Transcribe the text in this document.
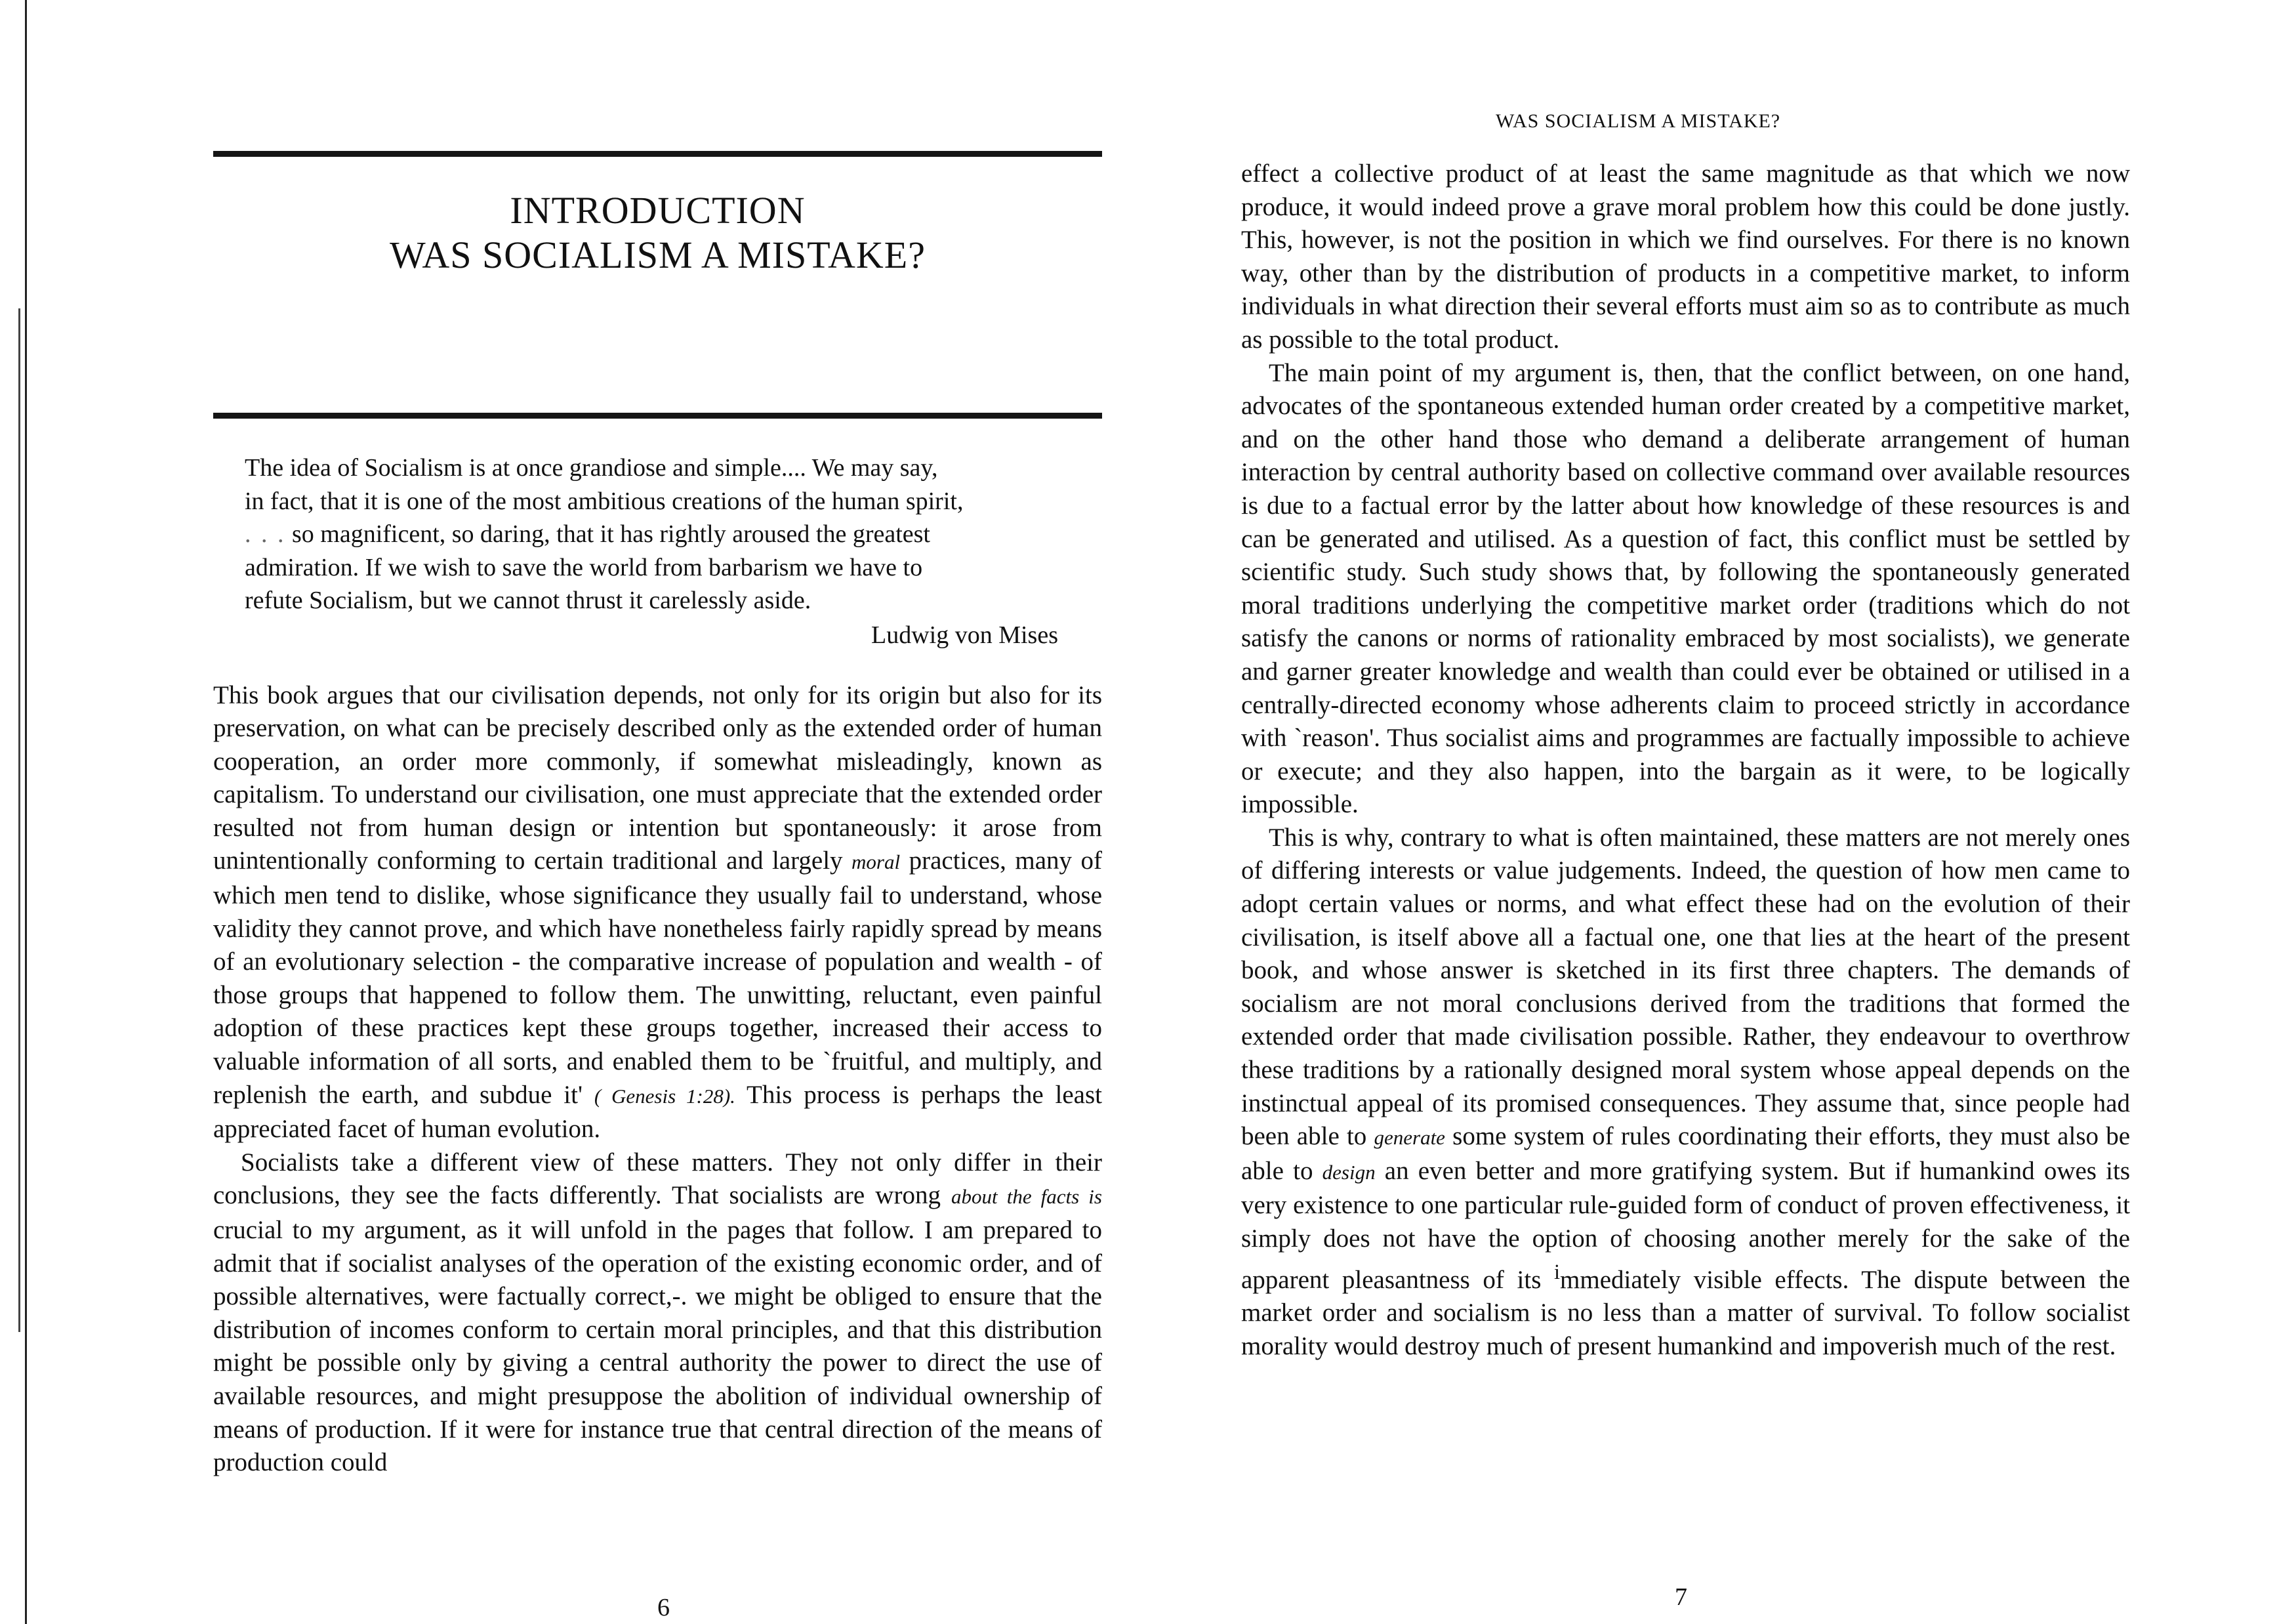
WAS SOCIALISM A MISTAKE?
INTRODUCTION
WAS SOCIALISM A MISTAKE?

The idea of Socialism is at once grandiose and simple.... We may say,

in fact, that it is one of the most ambitious creations of the human spirit,

. . . so magnificent, so daring, that it has rightly aroused the greatest

admiration. If we wish to save the world from barbarism we have to

refute Socialism, but we cannot thrust it carelessly aside.

Ludwig von Mises

This book argues that our civilisation depends, not only for its origin but also for its preservation, on what can be precisely described only as the extended order of human cooperation, an order more commonly, if somewhat misleadingly, known as capitalism. To understand our civilisation, one must appreciate that the extended order resulted not from human design or intention but spontaneously: it arose from unintentionally conforming to certain traditional and largely moral practices, many of which men tend to dislike, whose significance they usually fail to understand, whose validity they cannot prove, and which have nonetheless fairly rapidly spread by means of an evolutionary selection - the comparative increase of population and wealth - of those groups that happened to follow them. The unwitting, reluctant, even painful adoption of these practices kept these groups together, increased their access to valuable information of all sorts, and enabled them to be `fruitful, and multiply, and replenish the earth, and subdue it' ( Genesis 1:28). This process is perhaps the least appreciated facet of human evolution.

Socialists take a different view of these matters. They not only differ in their conclusions, they see the facts differently. That socialists are wrong about the facts is crucial to my argument, as it will unfold in the pages that follow. I am prepared to admit that if socialist analyses of the operation of the existing economic order, and of possible alternatives, were factually correct,-. we might be obliged to ensure that the distribution of incomes conform to certain moral principles, and that this distribution might be possible only by giving a central authority the power to direct the use of available resources, and might presuppose the abolition of individual ownership of means of production. If it were for instance true that central direction of the means of production could

6

effect a collective product of at least the same magnitude as that which we now produce, it would indeed prove a grave moral problem how this could be done justly. This, however, is not the position in which we find ourselves. For there is no known way, other than by the distribution of products in a competitive market, to inform individuals in what direction their several efforts must aim so as to contribute as much as possible to the total product.

The main point of my argument is, then, that the conflict between, on one hand, advocates of the spontaneous extended human order created by a competitive market, and on the other hand those who demand a deliberate arrangement of human interaction by central authority based on collective command over available resources is due to a factual error by the latter about how knowledge of these resources is and can be generated and utilised. As a question of fact, this conflict must be settled by scientific study. Such study shows that, by following the spontaneously generated moral traditions underlying the competitive market order (traditions which do not satisfy the canons or norms of rationality embraced by most socialists), we generate and garner greater knowledge and wealth than could ever be obtained or utilised in a centrally-directed economy whose adherents claim to proceed strictly in accordance with `reason'. Thus socialist aims and programmes are factually impossible to achieve or execute; and they also happen, into the bargain as it were, to be logically impossible.

This is why, contrary to what is often maintained, these matters are not merely ones of differing interests or value judgements. Indeed, the question of how men came to adopt certain values or norms, and what effect these had on the evolution of their civilisation, is itself above all a factual one, one that lies at the heart of the present book, and whose answer is sketched in its first three chapters. The demands of socialism are not moral conclusions derived from the traditions that formed the extended order that made civilisation possible. Rather, they endeavour to overthrow these traditions by a rationally designed moral system whose appeal depends on the instinctual appeal of its promised consequences. They assume that, since people had been able to generate some system of rules coordinating their efforts, they must also be able to design an even better and more gratifying system. But if humankind owes its very existence to one particular rule-guided form of conduct of proven effectiveness, it simply does not have the option of choosing another merely for the sake of the apparent pleasantness of its $^i$mmediately visible effects. The dispute between the market order and socialism is no less than a matter of survival. To follow socialist morality would destroy much of present humankind and impoverish much of the rest.

7
